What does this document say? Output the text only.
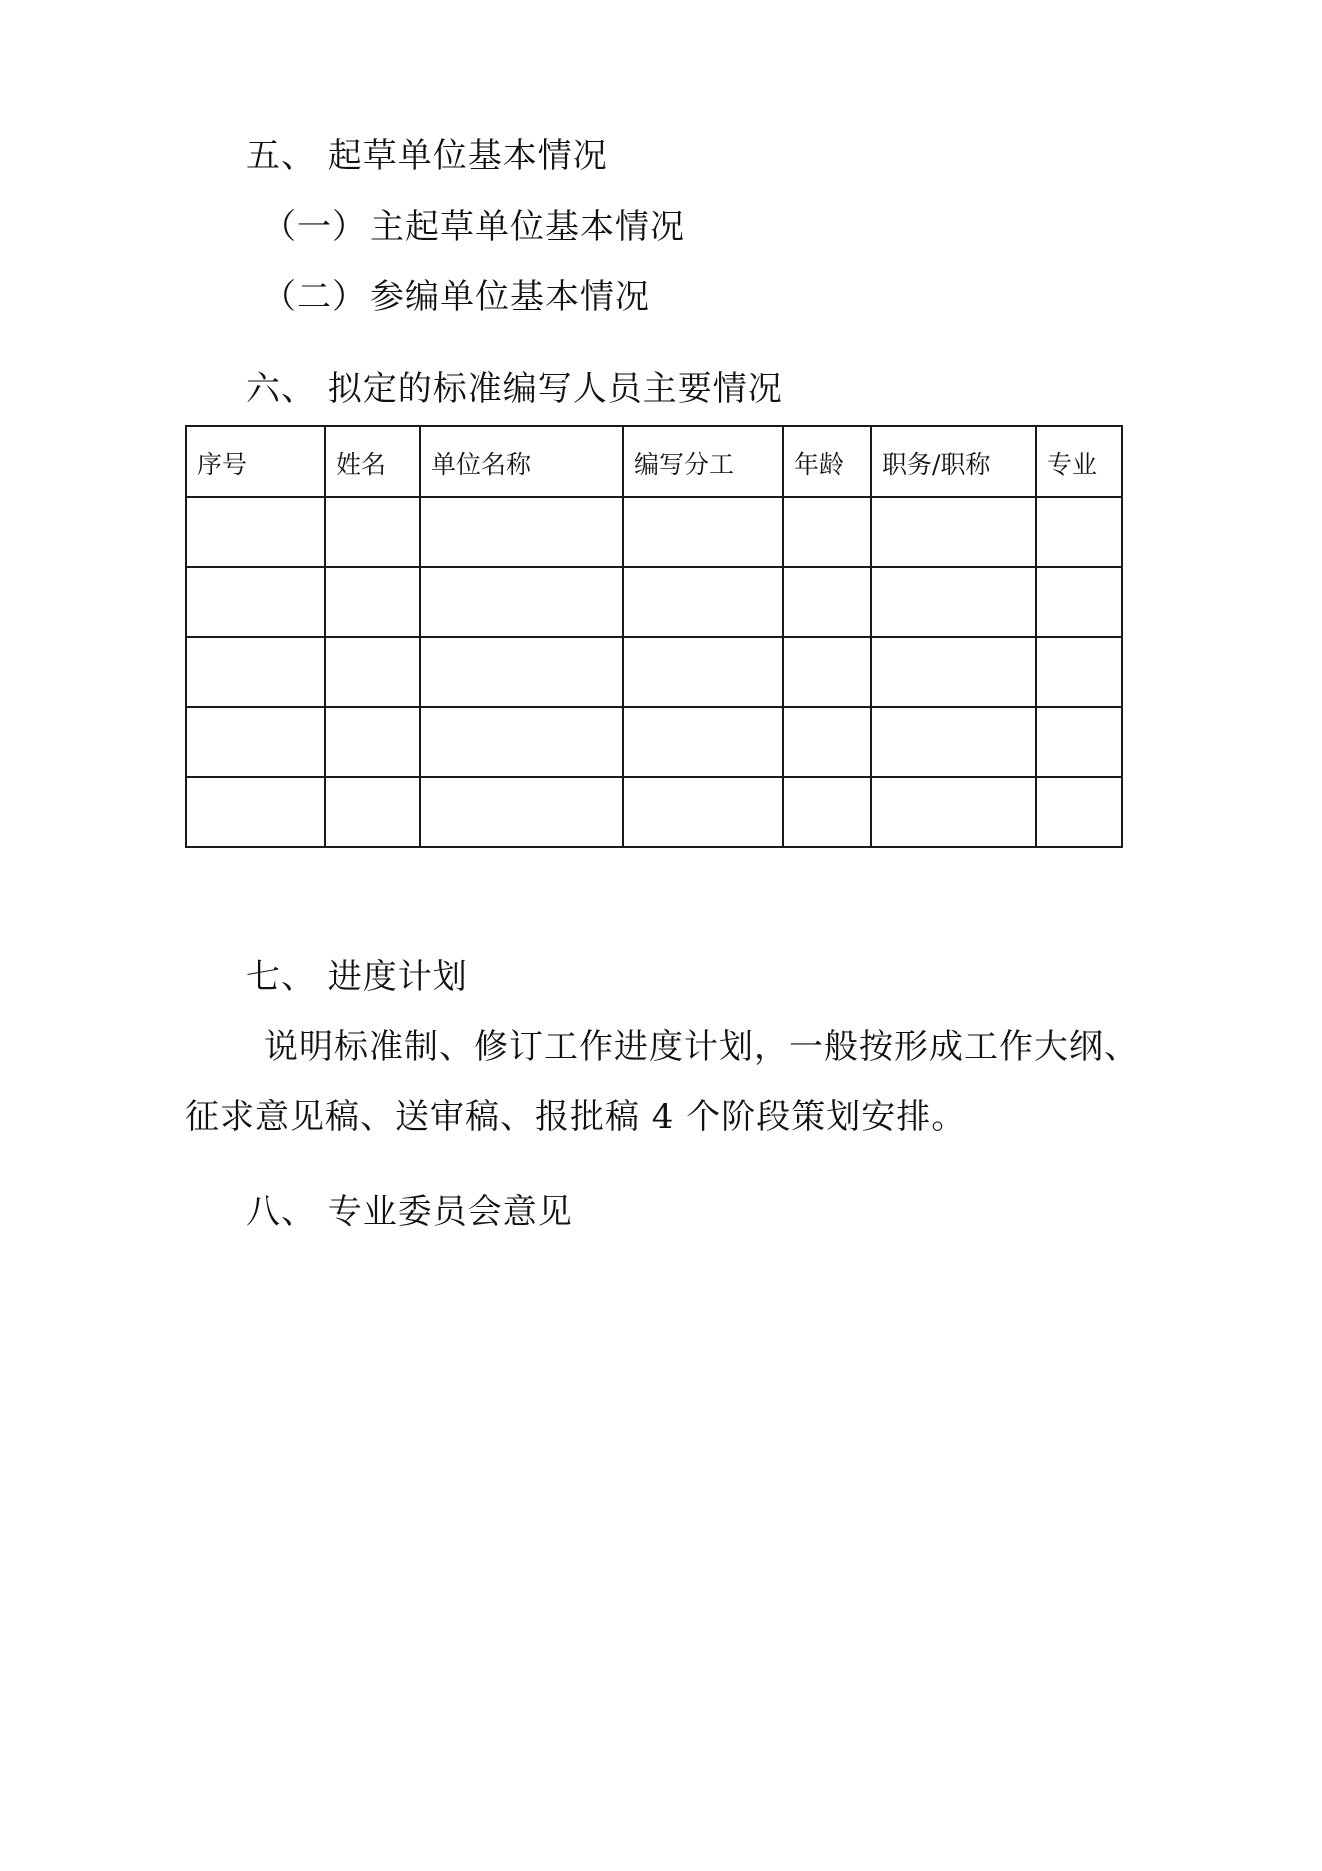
五、 起草单位基本情况
（一）主起草单位基本情况
（二）参编单位基本情况
六、 拟定的标准编写人员主要情况
序号	姓名	单位名称	编写分工	年龄	职务/职称	专业

七、 进度计划
说明标准制、修订工作进度计划，一般按形成工作大纲、
征求意见稿、送审稿、报批稿 4 个阶段策划安排。
八、 专业委员会意见
